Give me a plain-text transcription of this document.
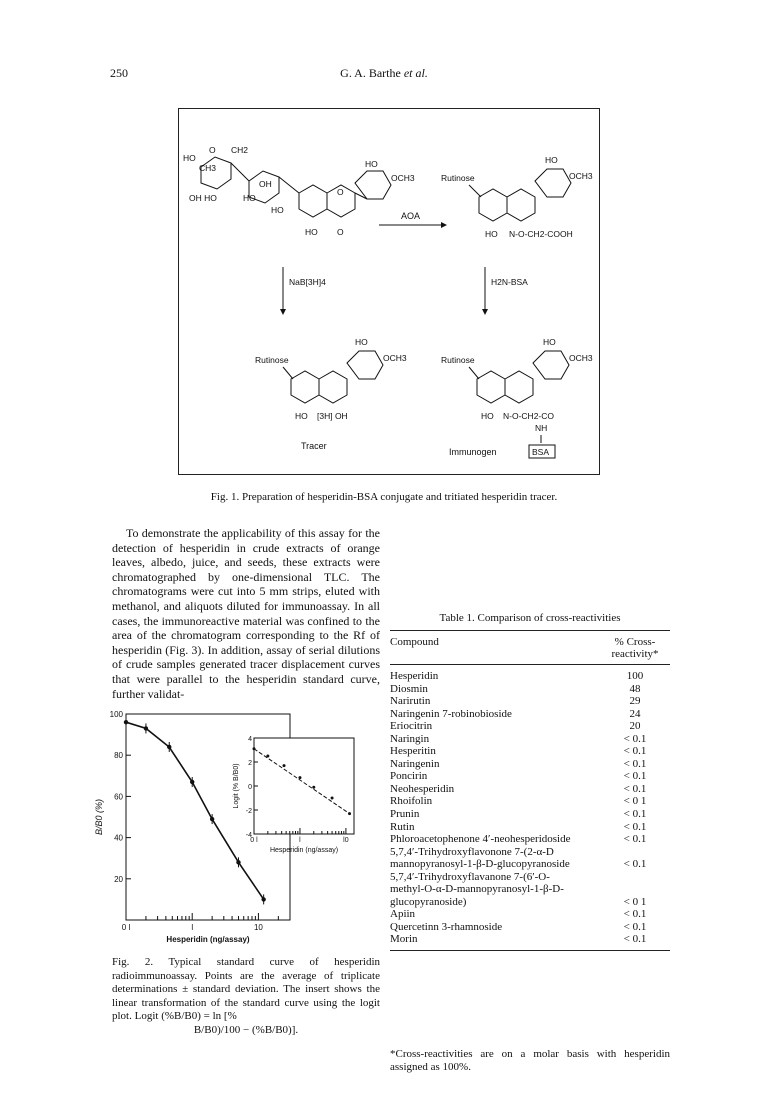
250	G. A. Barthe et al.
HO
O CH2
CH3
OH HO	HO
OH
HO
HO
OCH3
O
HO O
AOA
Rutinose
HO
OCH3
HO N-O-CH2-COOH
NaB[3H]4	H2N-BSA
Rutinose
HO
OCH3
HO [3H] OH
Tracer
Rutinose
HO
OCH3
HO N-O-CH2-CO
NH
Immunogen	BSA
Fig. 1. Preparation of hesperidin-BSA conjugate and tritiated hesperidin tracer.

To demonstrate the applicability of this assay for the detection of hesperidin in crude extracts of orange leaves, albedo, juice, and seeds, these extracts were chromatographed by one-dimensional TLC. The chromatograms were cut into 5 mm strips, eluted with methanol, and aliquots diluted for immunoassay. In all cases, the immunoreactive material was confined to the area of the chromatogram corresponding to the Rf of hesperidin (Fig. 3). In addition, assay of serial dilutions of crude samples generated tracer displacement curves that were parallel to the hesperidin standard curve, further validat-

20
40
60
80
100
0 l	l	10
B/B0 (%)
Hesperidin (ng/assay)
4
2
0
-2
-4
0 l	l	l0
Logit (% B/B0)
Hesperidin (ng/assay)
Fig. 2. Typical standard curve of hesperidin radioimmunoassay. Points are the average of triplicate determinations ± standard deviation. The insert shows the linear transformation of the standard curve using the logit plot. Logit (%B/B0) = ln [%
B/B0)/100 − (%B/B0)].
Table 1. Comparison of cross-reactivities
Compound	% Cross-reactivity*
Hesperidin	100
Diosmin	48
Narirutin	29
Naringenin 7-robinobioside	24
Eriocitrin	20
Naringin	< 0.1
Hesperitin	< 0.1
Naringenin	< 0.1
Poncirin	< 0.1
Neohesperidin	< 0.1
Rhoifolin	< 0 1
Prunin	< 0.1
Rutin	< 0.1
Phloroacetophenone 4′-neohesperidoside	< 0.1
5,7,4′-Trihydroxyflavonone 7-(2-α-D
mannopyranosyl-1-β-D-glucopyranoside	< 0.1
5,7,4′-Trihydroxyflavanone 7-(6′-O-
methyl-O-α-D-mannopyranosyl-1-β-D-
glucopyranoside)	< 0 1
Apiin	< 0.1
Quercetinn 3-rhamnoside	< 0.1
Morin	< 0.1
*Cross-reactivities are on a molar basis with hesperidin assigned as 100%.
